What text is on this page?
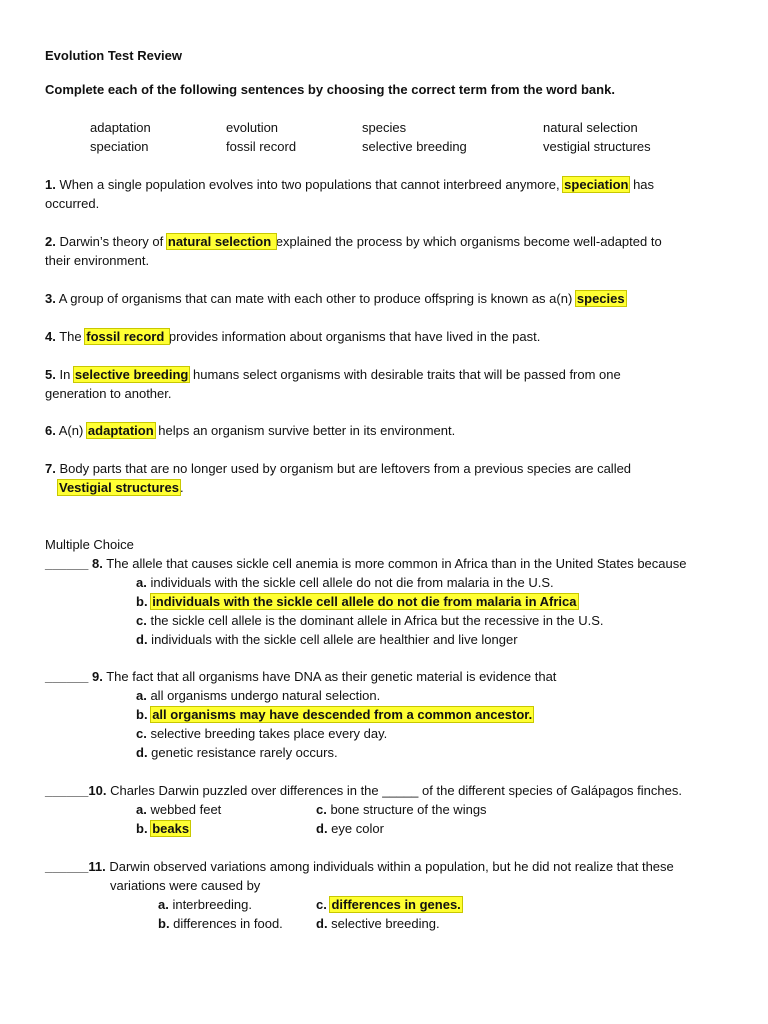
Evolution Test Review
Complete each of the following sentences by choosing the correct term from the word bank.
adaptation	evolution	species	natural selection
speciation	fossil record	selective breeding	vestigial structures
1. When a single population evolves into two populations that cannot interbreed anymore, speciation has
occurred.
2. Darwin’s theory of natural selection explained the process by which organisms become well-adapted to
their environment.
3. A group of organisms that can mate with each other to produce offspring is known as a(n) species
4. The fossil record provides information about organisms that have lived in the past.
5. In selective breeding humans select organisms with desirable traits that will be passed from one
generation to another.
6. A(n) adaptation helps an organism survive better in its environment.
7. Body parts that are no longer used by organism but are leftovers from a previous species are called
Vestigial structures.
Multiple Choice
______ 8. The allele that causes sickle cell anemia is more common in Africa than in the United States because
a. individuals with the sickle cell allele do not die from malaria in the U.S.
b. individuals with the sickle cell allele do not die from malaria in Africa
c. the sickle cell allele is the dominant allele in Africa but the recessive in the U.S.
d. individuals with the sickle cell allele are healthier and live longer
______ 9. The fact that all organisms have DNA as their genetic material is evidence that
a. all organisms undergo natural selection.
b. all organisms may have descended from a common ancestor.
c. selective breeding takes place every day.
d. genetic resistance rarely occurs.
______10. Charles Darwin puzzled over differences in the _____ of the different species of Galápagos finches.
a. webbed feet	c. bone structure of the wings
b. beaks	d. eye color
______11. Darwin observed variations among individuals within a population, but he did not realize that these
variations were caused by
a. interbreeding.	c. differences in genes.
b. differences in food.	d. selective breeding.
